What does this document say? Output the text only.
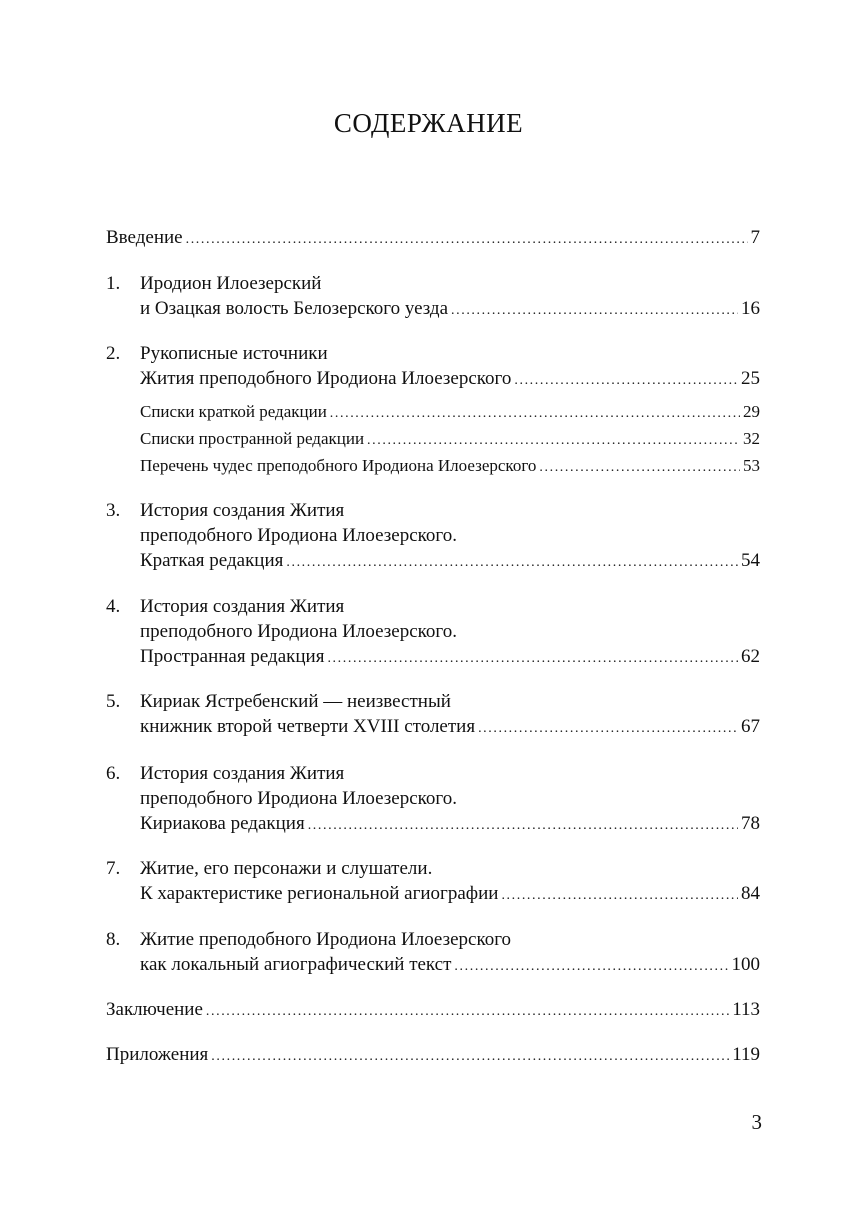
СОДЕРЖАНИЕ
Введение .....	7
1. Иродион Илоезерский
и Озацкая волость Белозерского уезда .....	16
2. Рукописные источники
Жития преподобного Иродиона Илоезерского .....	25
Списки краткой редакции .....	29
Списки пространной редакции .....	32
Перечень чудес преподобного Иродиона Илоезерского .....	53
3. История создания Жития
преподобного Иродиона Илоезерского.
Краткая редакция .....	54
4. История создания Жития
преподобного Иродиона Илоезерского.
Пространная редакция .....	62
5. Кириак Ястребенский — неизвестный
книжник второй четверти XVIII столетия .....	67
6. История создания Жития
преподобного Иродиона Илоезерского.
Кириакова редакция .....	78
7. Житие, его персонажи и слушатели.
К характеристике региональной агиографии .....	84
8. Житие преподобного Иродиона Илоезерского
как локальный агиографический текст .....	100
Заключение .....	113
Приложения .....	119
3
